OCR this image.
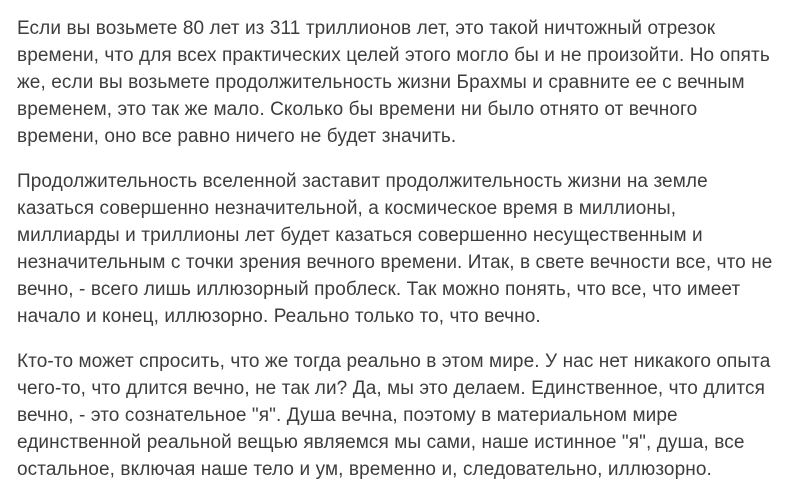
Если вы возьмете 80 лет из 311 триллионов лет, это такой ничтожный отрезок времени, что для всех практических целей этого могло бы и не произойти. Но опять же, если вы возьмете продолжительность жизни Брахмы и сравните ее с вечным временем, это так же мало. Сколько бы времени ни было отнято от вечного времени, оно все равно ничего не будет значить.

Продолжительность вселенной заставит продолжительность жизни на земле казаться совершенно незначительной, а космическое время в миллионы, миллиарды и триллионы лет будет казаться совершенно несущественным и незначительным с точки зрения вечного времени. Итак, в свете вечности все, что не вечно, - всего лишь иллюзорный проблеск. Так можно понять, что все, что имеет начало и конец, иллюзорно. Реально только то, что вечно.

Кто-то может спросить, что же тогда реально в этом мире. У нас нет никакого опыта чего-то, что длится вечно, не так ли? Да, мы это делаем. Единственное, что длится вечно, - это сознательное "я". Душа вечна, поэтому в материальном мире единственной реальной вещью являемся мы сами, наше истинное "я", душа, все остальное, включая наше тело и ум, временно и, следовательно, иллюзорно.
